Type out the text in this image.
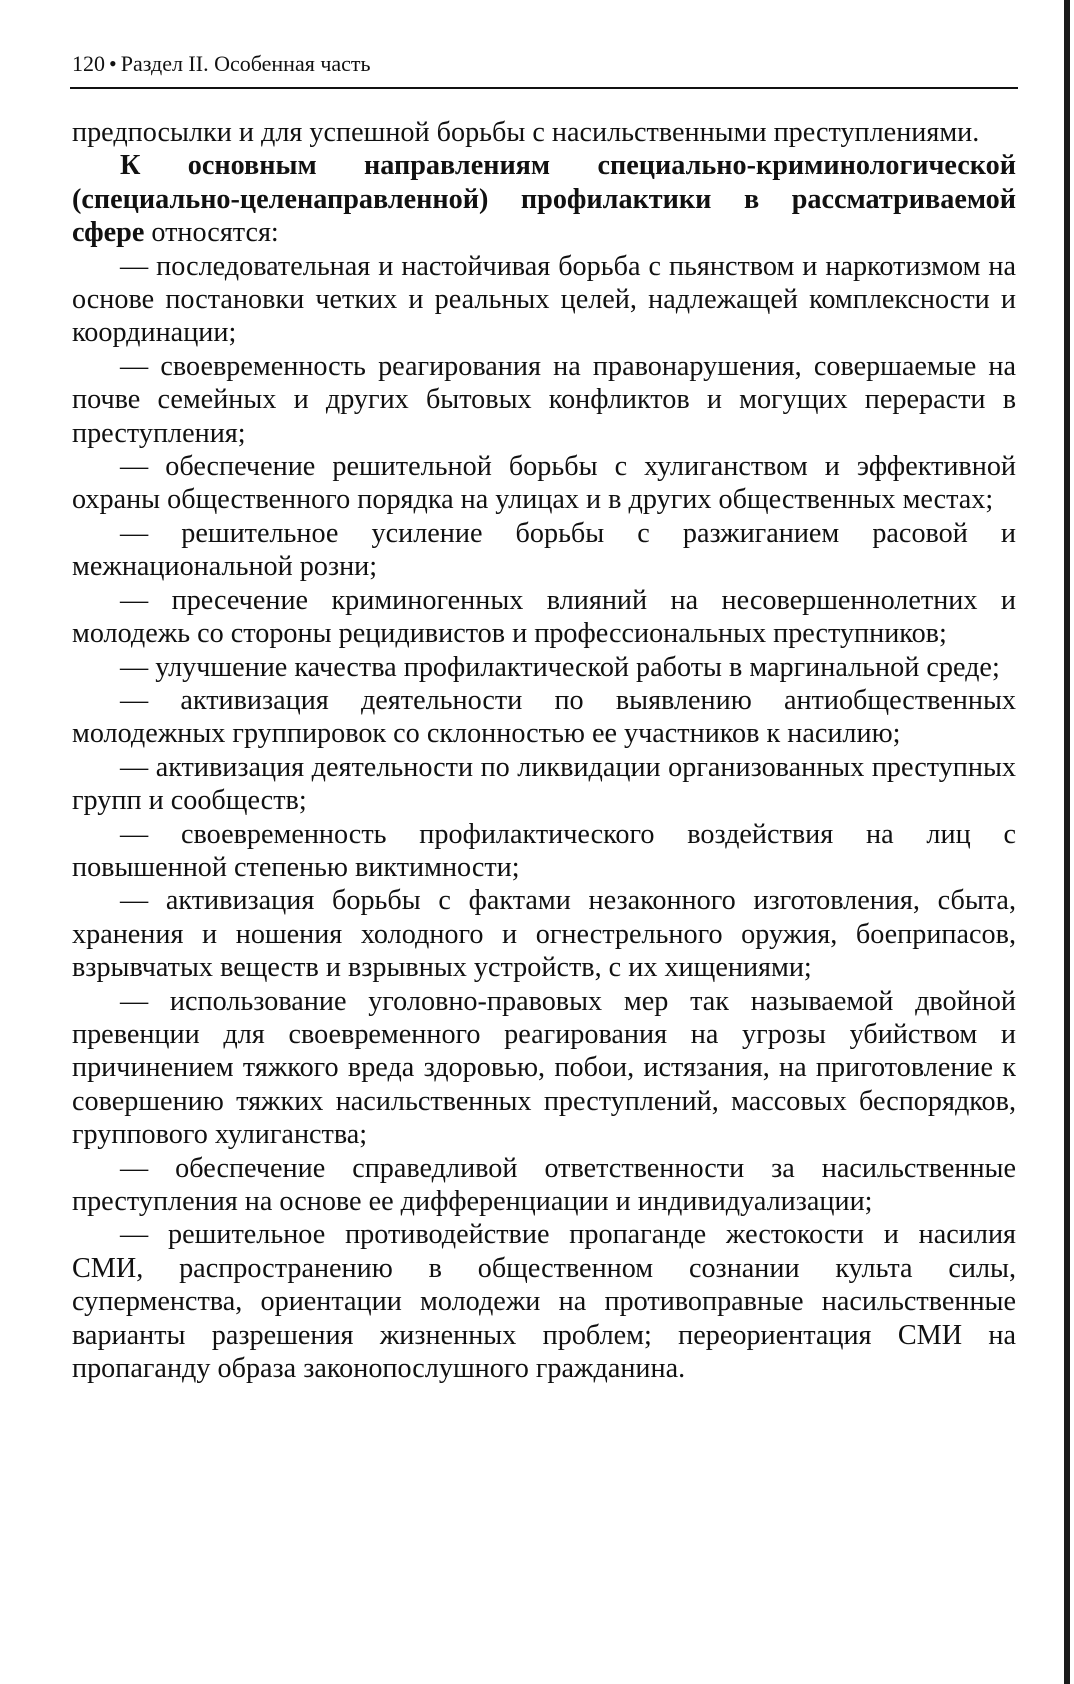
120 • Раздел II. Особенная часть

предпосылки и для успешной борьбы с насильственными преступлениями.

К основным направлениям специально-криминологической (специально-целенаправленной) профилактики в рассматриваемой сфере относятся:

— последовательная и настойчивая борьба с пьянством и наркотизмом на основе постановки четких и реальных целей, надлежащей комплексности и координации;

— своевременность реагирования на правонарушения, совершаемые на почве семейных и других бытовых конфликтов и могущих перерасти в преступления;

— обеспечение решительной борьбы с хулиганством и эффективной охраны общественного порядка на улицах и в других общественных местах;

— решительное усиление борьбы с разжиганием расовой и межнациональной розни;

— пресечение криминогенных влияний на несовершеннолетних и молодежь со стороны рецидивистов и профессиональных преступников;

— улучшение качества профилактической работы в маргинальной среде;

— активизация деятельности по выявлению антиобщественных молодежных группировок со склонностью ее участников к насилию;

— активизация деятельности по ликвидации организованных преступных групп и сообществ;

— своевременность профилактического воздействия на лиц с повышенной степенью виктимности;

— активизация борьбы с фактами незаконного изготовления, сбыта, хранения и ношения холодного и огнестрельного оружия, боеприпасов, взрывчатых веществ и взрывных устройств, с их хищениями;

— использование уголовно-правовых мер так называемой двойной превенции для своевременного реагирования на угрозы убийством и причинением тяжкого вреда здоровью, побои, истязания, на приготовление к совершению тяжких насильственных преступлений, массовых беспорядков, группового хулиганства;

— обеспечение справедливой ответственности за насильственные преступления на основе ее дифференциации и индивидуализации;

— решительное противодействие пропаганде жестокости и насилия СМИ, распространению в общественном сознании культа силы, суперменства, ориентации молодежи на противоправные насильственные варианты разрешения жизненных проблем; переориентация СМИ на пропаганду образа законопослушного гражданина.
